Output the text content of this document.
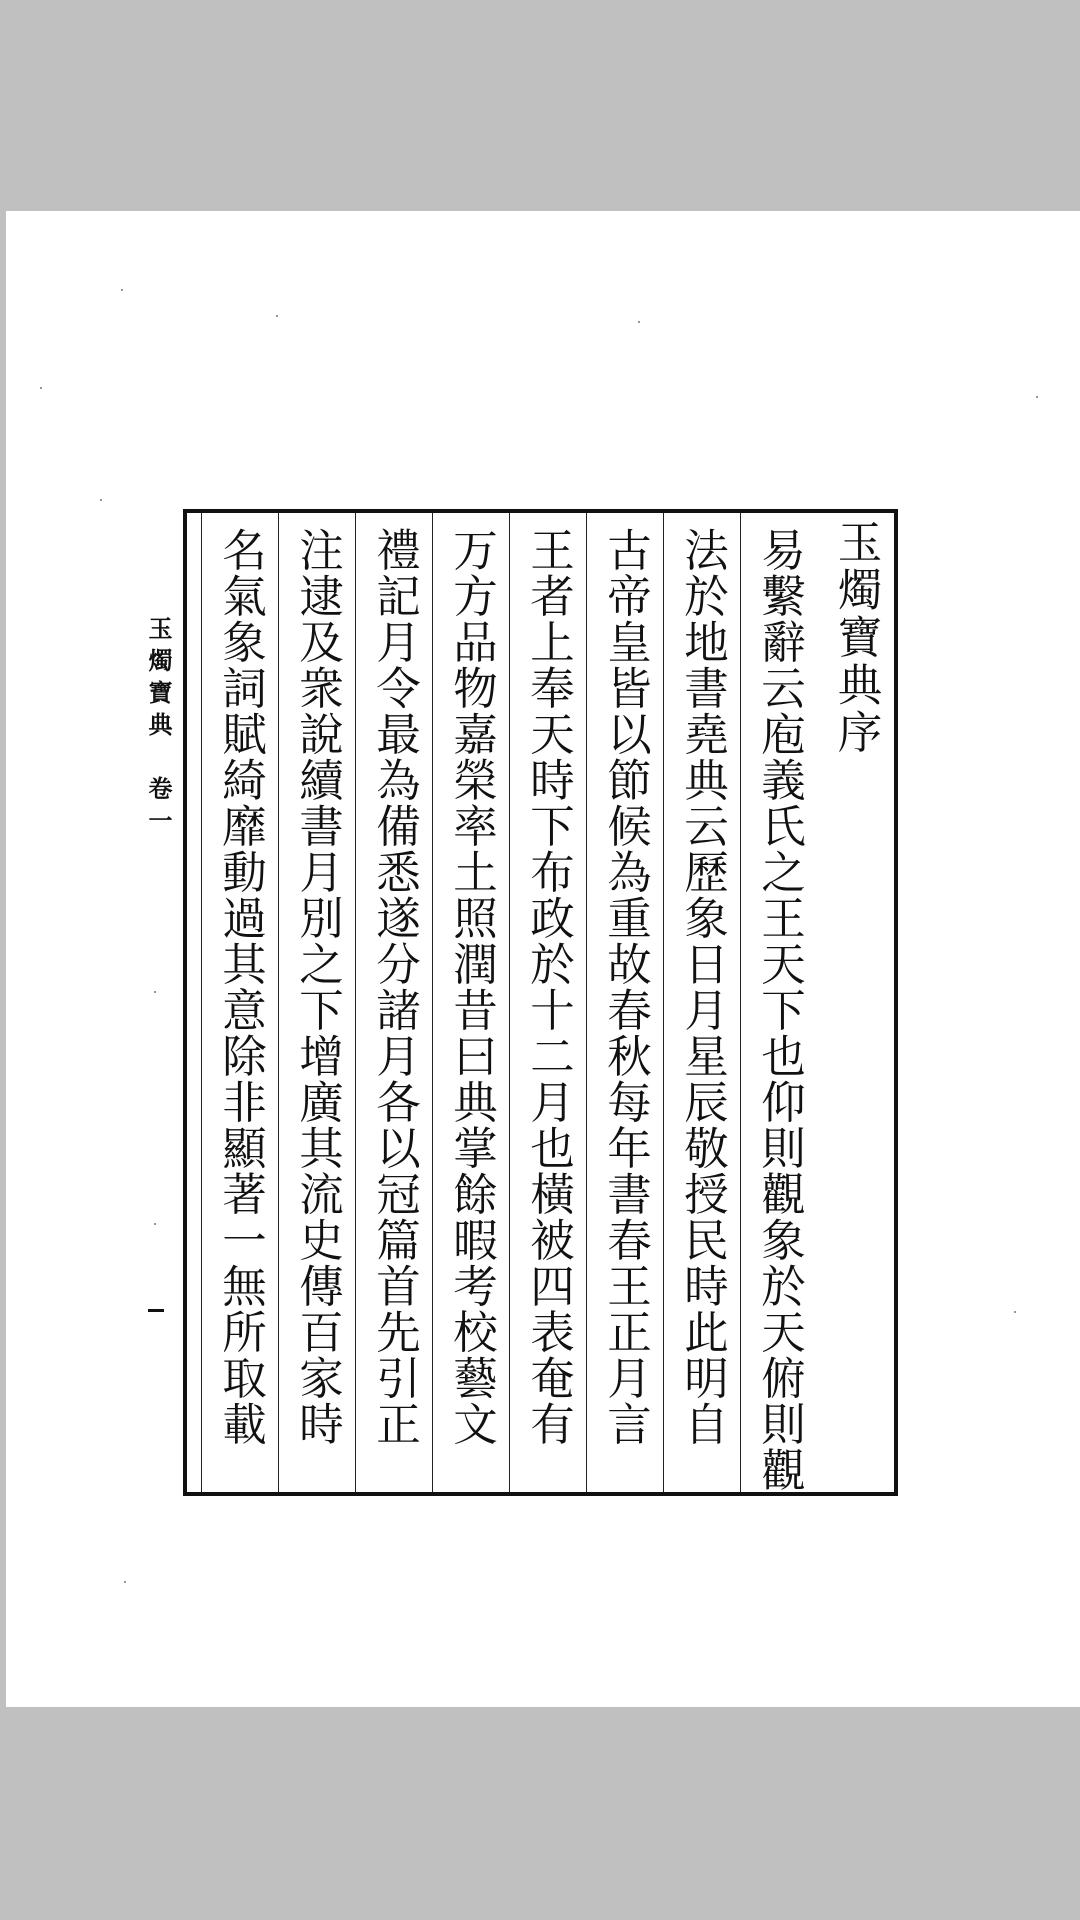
玉燭寶典序
易繫辭云庖義氏之王天下也仰則觀象於天俯則觀
法於地書堯典云歷象日月星辰敬授民時此明自
古帝皇皆以節候為重故春秋每年書春王正月言
王者上奉天時下布政於十二月也橫被四表奄有
万方品物嘉榮率土照潤昔曰典掌餘暇考校藝文
禮記月令最為備悉遂分諸月各以冠篇首先引正
注逮及衆說續書月別之下增廣其流史傳百家時
名氣象詞賦綺靡動過其意除非顯著一無所取載
玉燭寶典　卷一
